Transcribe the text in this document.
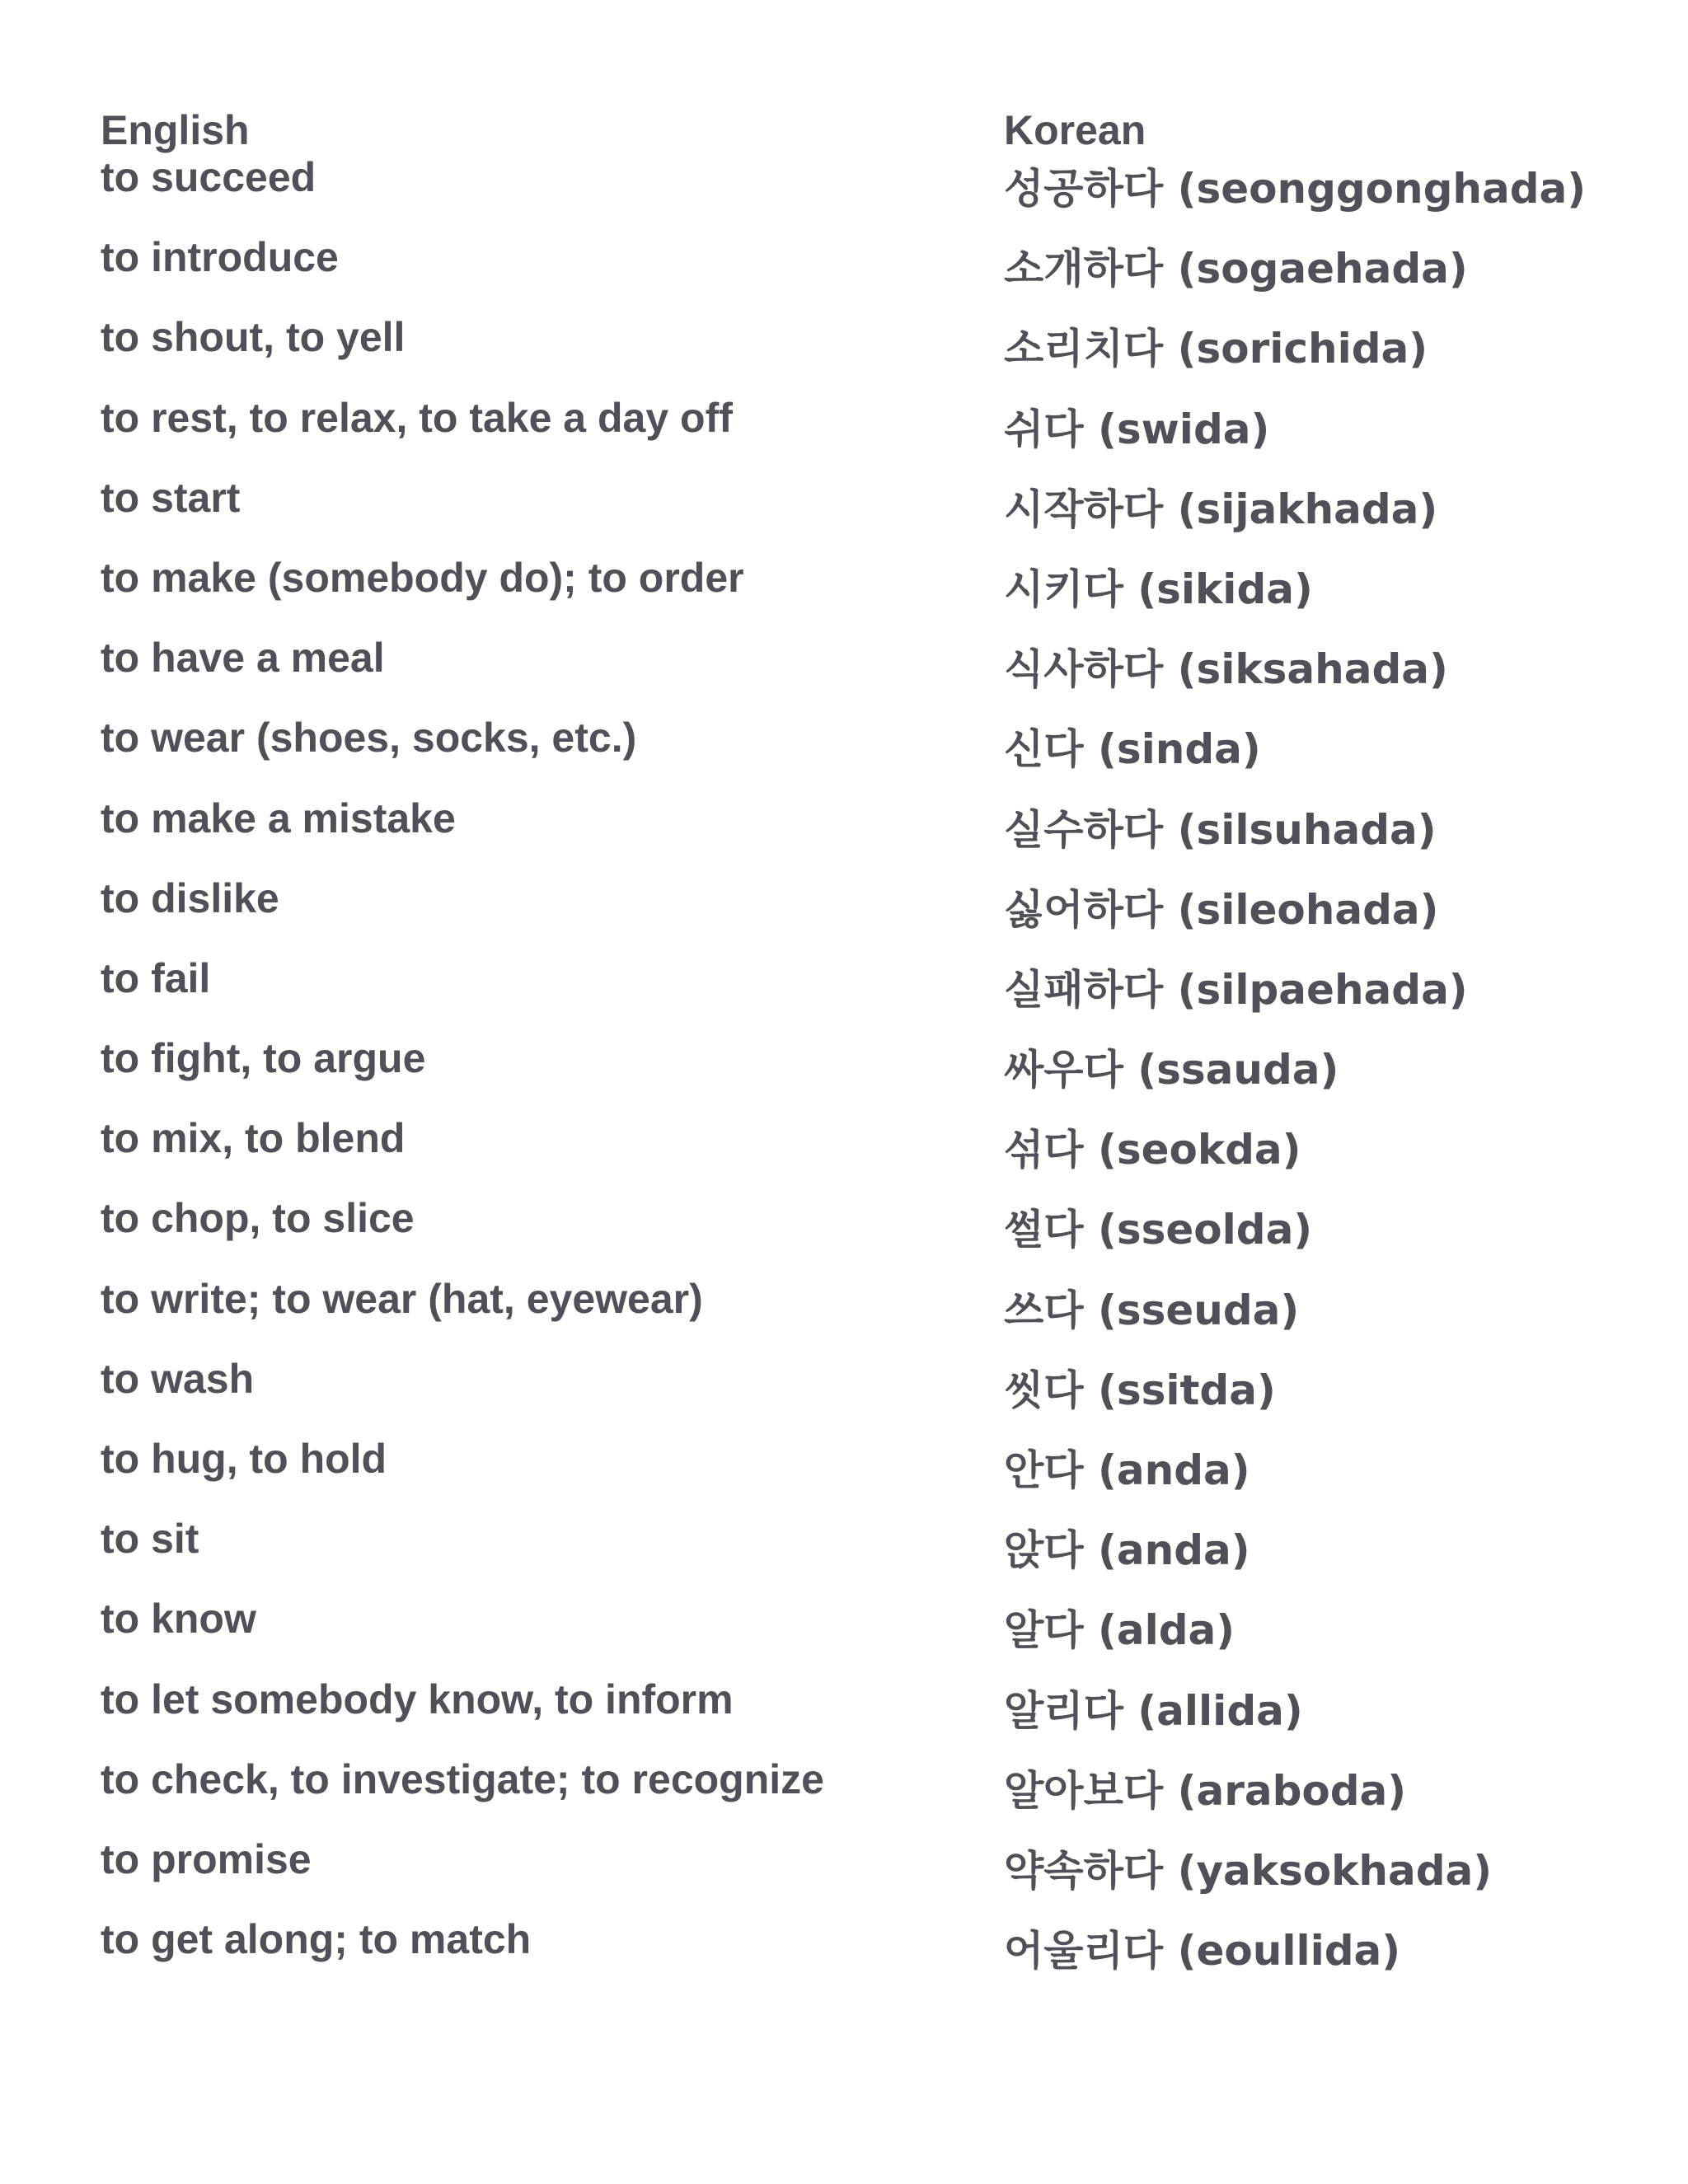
English
to succeed
to introduce
to shout, to yell
to rest, to relax, to take a day off
to start
to make (somebody do); to order
to have a meal
to wear (shoes, socks, etc.)
to make a mistake
to dislike
to fail
to fight, to argue
to mix, to blend
to chop, to slice
to write; to wear (hat, eyewear)
to wash
to hug, to hold
to sit
to know
to let somebody know, to inform
to check, to investigate; to recognize
to promise
to get along; to match
Korean
성공하다 (seonggonghada)
소개하다 (sogaehada)
소리치다 (sorichida)
쉬다 (swida)
시작하다 (sijakhada)
시키다 (sikida)
식사하다 (siksahada)
신다 (sinda)
실수하다 (silsuhada)
싫어하다 (sileohada)
실패하다 (silpaehada)
싸우다 (ssauda)
섞다 (seokda)
썰다 (sseolda)
쓰다 (sseuda)
씻다 (ssitda)
안다 (anda)
앉다 (anda)
알다 (alda)
알리다 (allida)
알아보다 (araboda)
약속하다 (yaksokhada)
어울리다 (eoullida)
